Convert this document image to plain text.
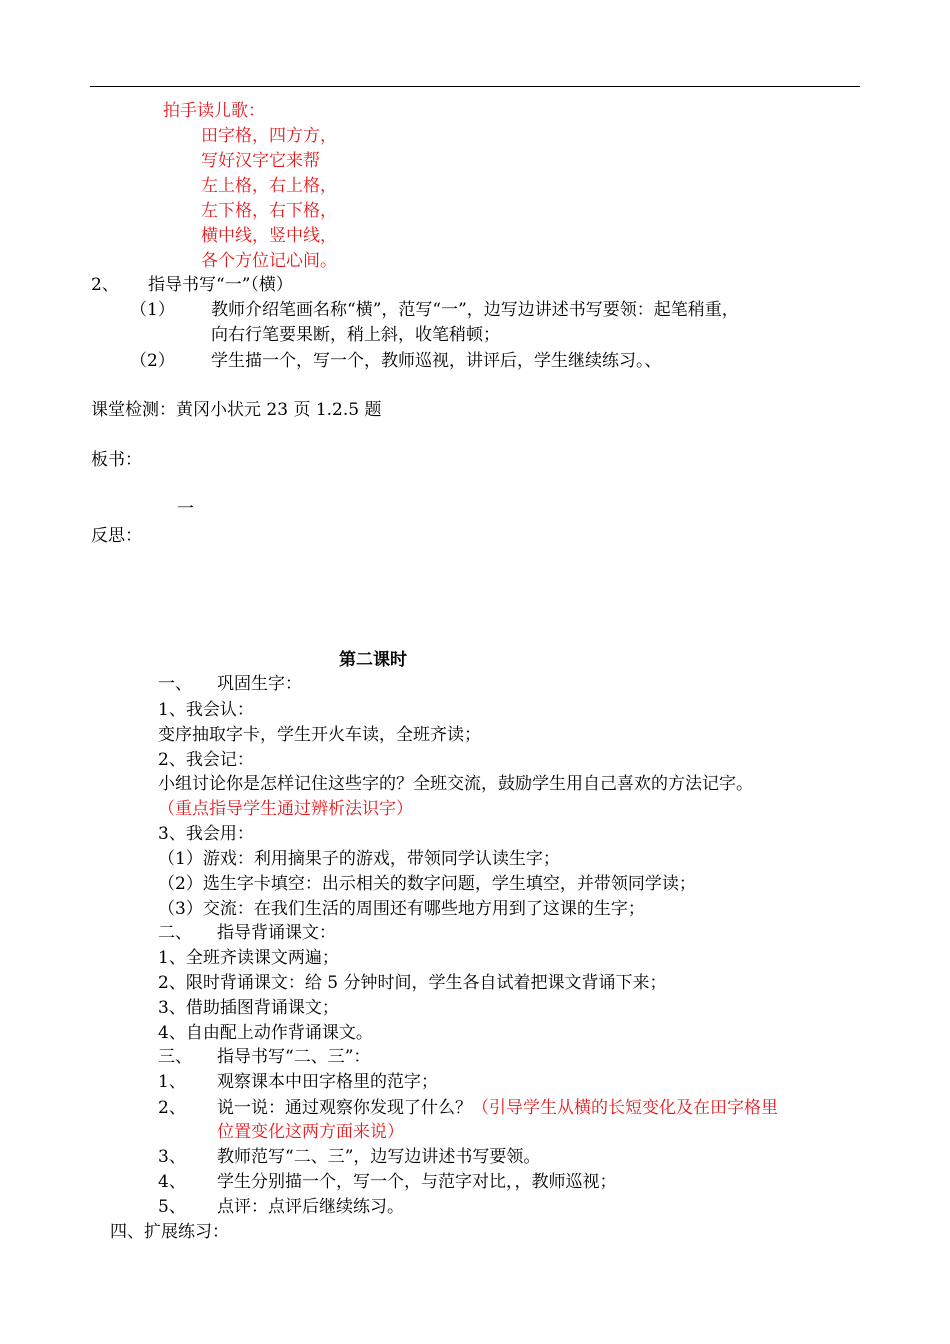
拍手读儿歌：
田字格，四方方，
写好汉字它来帮
左上格，右上格，
左下格，右下格，
横中线，竖中线，
各个方位记心间。
2、 指导书写“一”（横）
（1） 教师介绍笔画名称“横”，范写“一”，边写边讲述书写要领：起笔稍重，
向右行笔要果断，稍上斜，收笔稍顿；
（2） 学生描一个，写一个，教师巡视，讲评后，学生继续练习。、
课堂检测：黄冈小状元 23 页 1.2.5 题
板书：
一
反思：
第二课时
一、 巩固生字：
1、我会认：
变序抽取字卡，学生开火车读，全班齐读；
2、我会记：
小组讨论你是怎样记住这些字的？全班交流，鼓励学生用自己喜欢的方法记字。
（重点指导学生通过辨析法识字）
3、我会用：
（1）游戏：利用摘果子的游戏，带领同学认读生字；
（2）选生字卡填空：出示相关的数字问题，学生填空，并带领同学读；
（3）交流：在我们生活的周围还有哪些地方用到了这课的生字；
二、 指导背诵课文：
1、全班齐读课文两遍；
2、限时背诵课文：给 5 分钟时间，学生各自试着把课文背诵下来；
3、借助插图背诵课文；
4、自由配上动作背诵课文。
三、 指导书写“二、三”：
1、 观察课本中田字格里的范字；
2、 说一说：通过观察你发现了什么？（引导学生从横的长短变化及在田字格里
位置变化这两方面来说）
3、 教师范写“二、三”，边写边讲述书写要领。
4、 学生分别描一个，写一个，与范字对比，，教师巡视；
5、 点评：点评后继续练习。
四、扩展练习：
